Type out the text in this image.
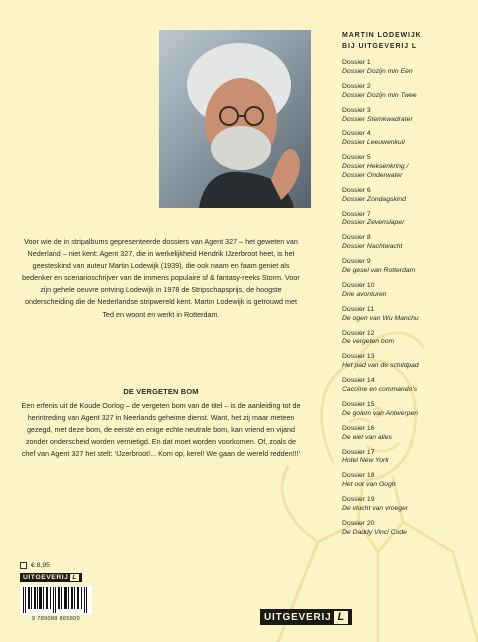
Voor wie de in stripalbums gepresenteerde dossiers van Agent 327 – het geweten van Nederland – niet kent: Agent 327, die in werkelijkheid Hendrik IJzerbroot heet, is het geesteskind van auteur Martin Lodewijk (1939), die ook naam en faam geniet als bedenker en scenarioschrijver van de immens populaire sf & fantasy-reeks Storm. Voor zijn gehele oeuvre ontving Lodewijk in 1978 de Stripschapsprijs, de hoogste onderscheiding die de Nederlandse stripwereld kent. Martin Lodewijk is getrouwd met Ted en woont en werkt in Rotterdam.

DE VERGETEN BOM

Een erfenis uit de Koude Oorlog – de vergeten bom van de titel – is de aanleiding tot de herintreding van Agent 327 in Neerlands geheime dienst. Want, het zij maar meteen gezegd, met deze bom, de eerste en enige echte neutrale bom, kan vriend en vijand zonder onderscheid worden vernietigd. En dat moet worden voorkomen. Of, zoals de chef van Agent 327 het stelt: ‘IJzerbroot!... Kom op, kerel! We gaan de wereld redden!!!’

MARTIN LODEWIJK
BIJ UITGEVERIJ L
Dossier 1
Dossier Dozijn min Eén
Dossier 2
Dossier Dozijn min Twee
Dossier 3
Dossier Stemkwadrater
Dossier 4
Dossier Leeuwenkuil
Dossier 5
Dossier Heksenkring /
Dossier Onderwater
Dossier 6
Dossier Zondagskind
Dossier 7
Dossier Zevenslaper
Dossier 8
Dossier Nachtwacht
Dossier 9
De gesel van Rotterdam
Dossier 10
Drie avonturen
Dossier 11
De ogen van Wu Manchu
Dossier 12
De vergeten bom
Dossier 13
Het pad van de schildpad
Dossier 14
Cacoïne en commando’s
Dossier 15
De golem van Antwerpen
Dossier 16
De wet van alles
Dossier 17
Hotel New York
Dossier 18
Het oor van Gogh
Dossier 19
De vlucht van vroeger
Dossier 20
De Daddy Vinci Code
€ 8,95
UITGEVERIJ L
9 789088 865800	UITGEVERIJ L
